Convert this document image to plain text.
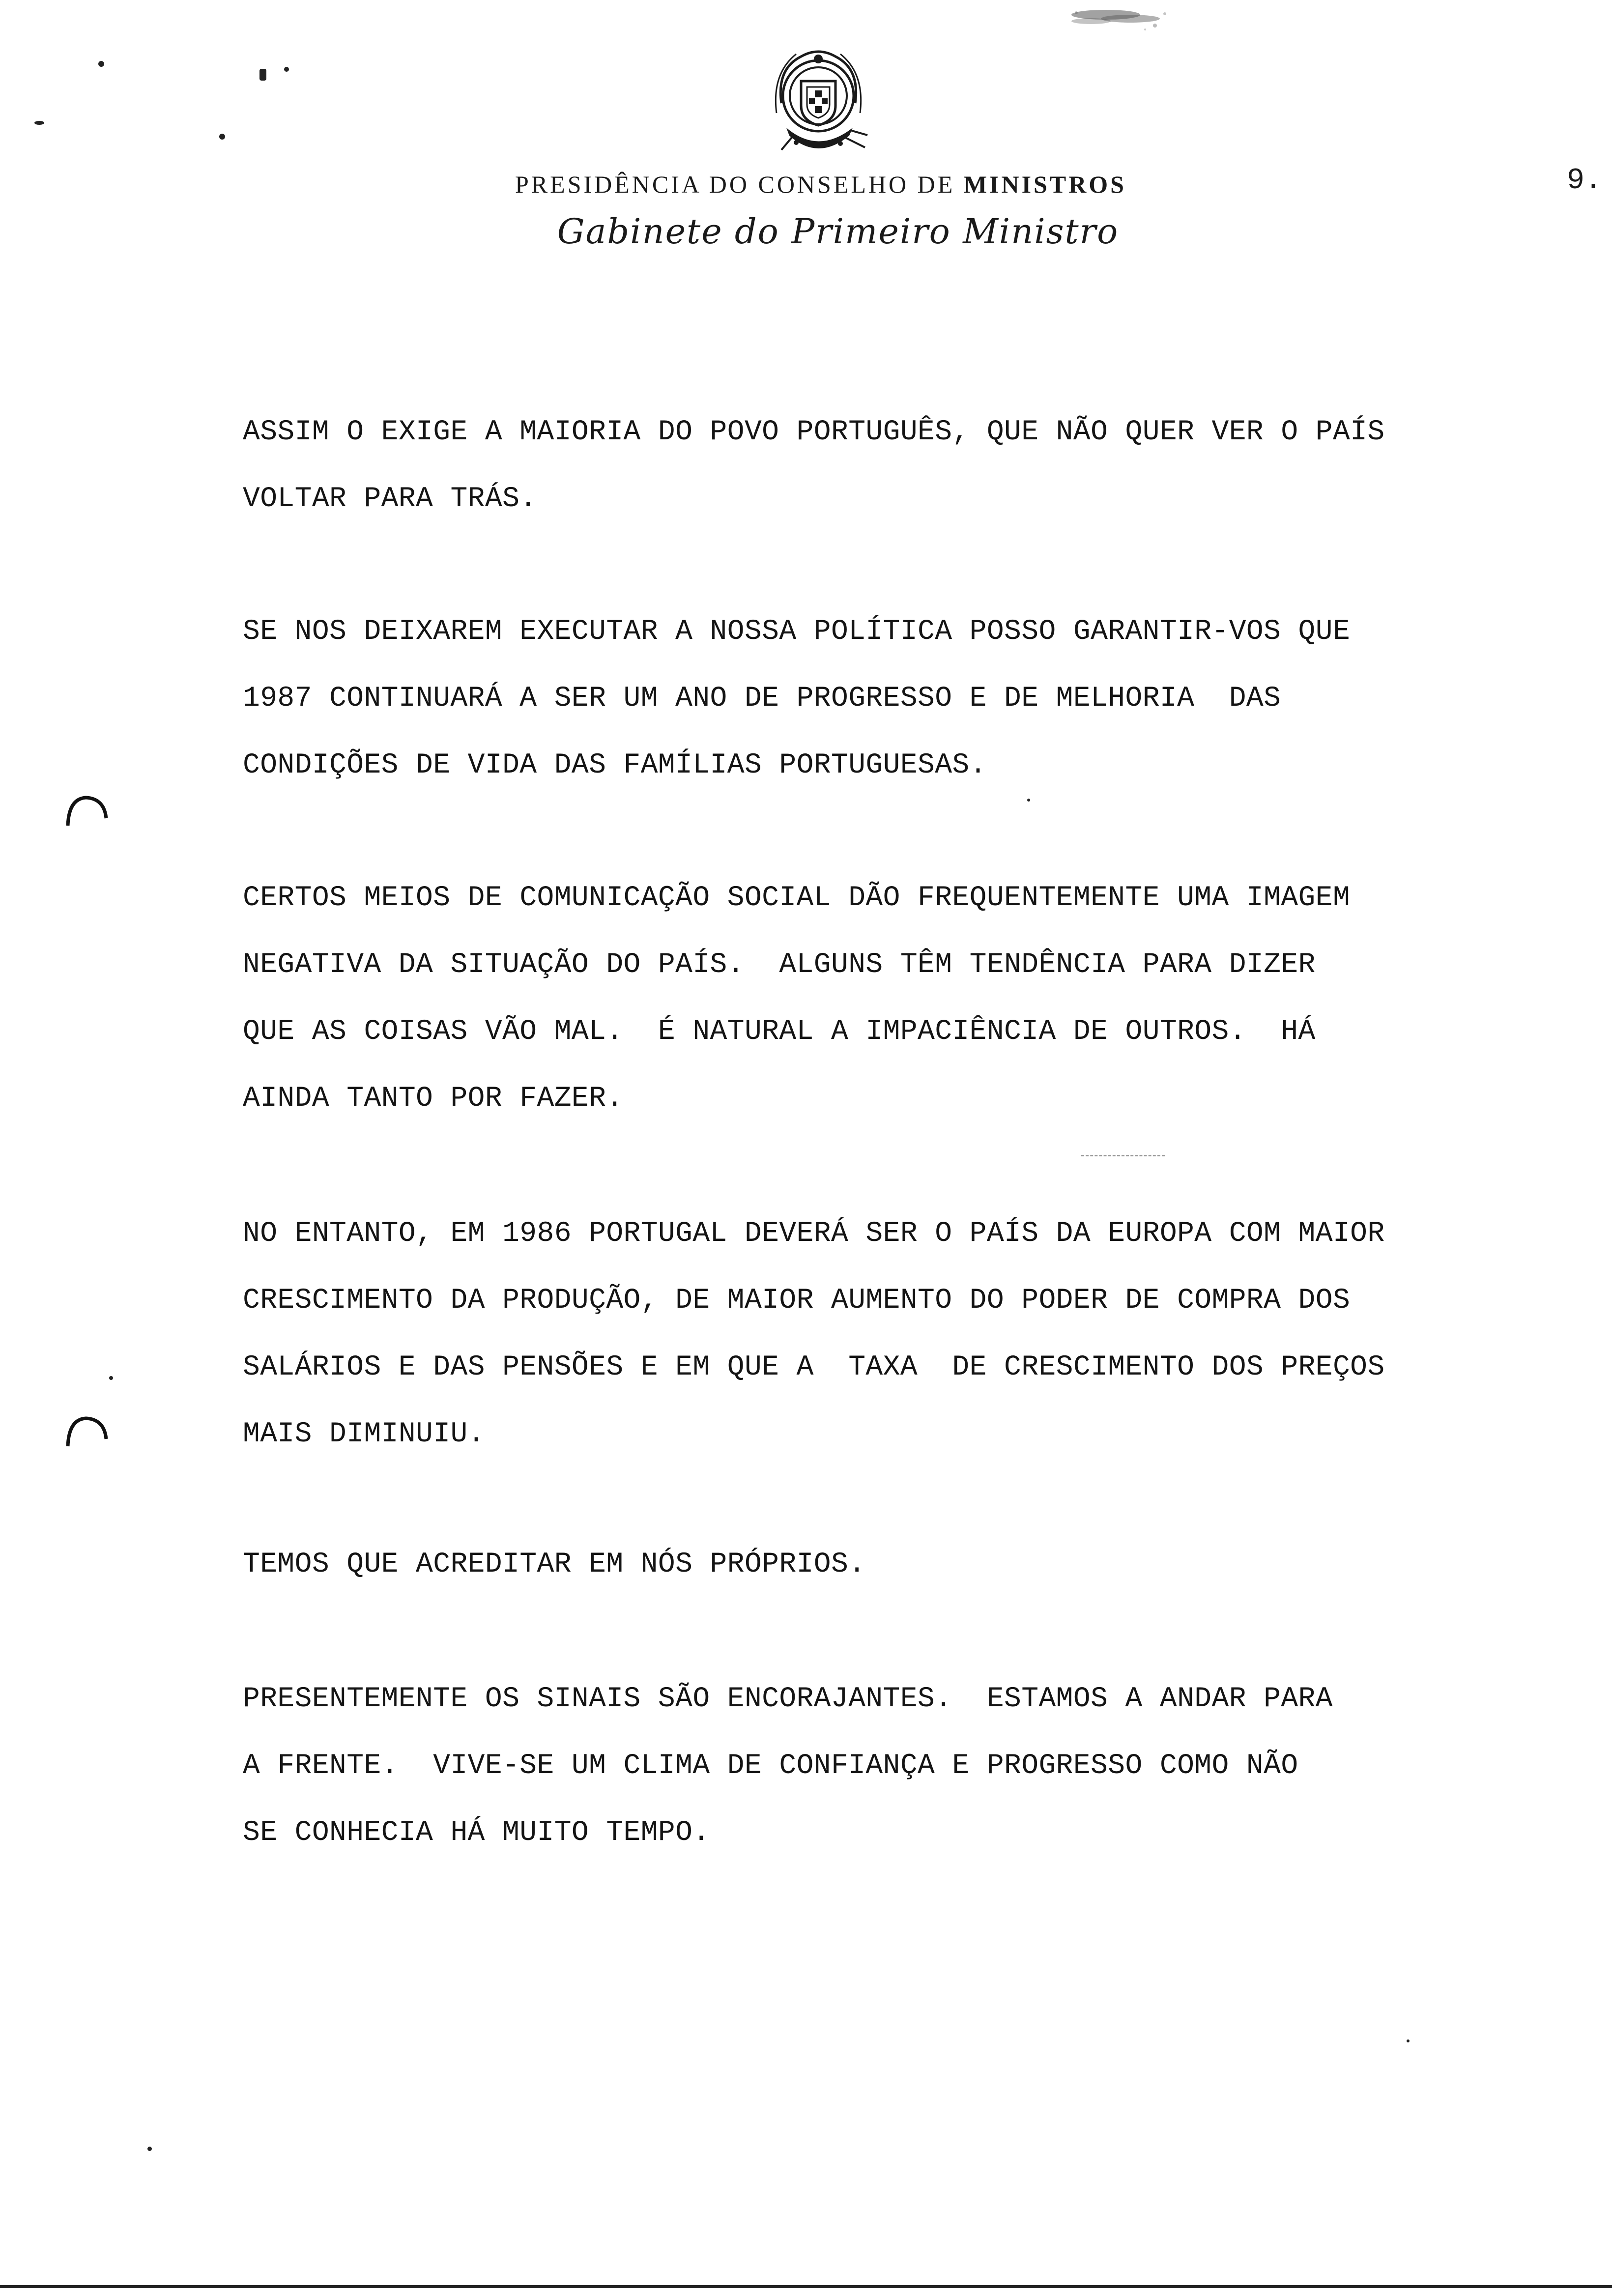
PRESIDÊNCIA DO CONSELHO DE MINISTROS
Gabinete do Primeiro Ministro
9.
ASSIM O EXIGE A MAIORIA DO POVO PORTUGUÊS, QUE NÃO QUER VER O PAÍS
VOLTAR PARA TRÁS.
SE NOS DEIXAREM EXECUTAR A NOSSA POLÍTICA POSSO GARANTIR-VOS QUE
1987 CONTINUARÁ A SER UM ANO DE PROGRESSO E DE MELHORIA  DAS
CONDIÇÕES DE VIDA DAS FAMÍLIAS PORTUGUESAS.
CERTOS MEIOS DE COMUNICAÇÃO SOCIAL DÃO FREQUENTEMENTE UMA IMAGEM
NEGATIVA DA SITUAÇÃO DO PAÍS.  ALGUNS TÊM TENDÊNCIA PARA DIZER
QUE AS COISAS VÃO MAL.  É NATURAL A IMPACIÊNCIA DE OUTROS.  HÁ
AINDA TANTO POR FAZER.
NO ENTANTO, EM 1986 PORTUGAL DEVERÁ SER O PAÍS DA EUROPA COM MAIOR
CRESCIMENTO DA PRODUÇÃO, DE MAIOR AUMENTO DO PODER DE COMPRA DOS
SALÁRIOS E DAS PENSÕES E EM QUE A  TAXA  DE CRESCIMENTO DOS PREÇOS
MAIS DIMINUIU.
TEMOS QUE ACREDITAR EM NÓS PRÓPRIOS.
PRESENTEMENTE OS SINAIS SÃO ENCORAJANTES.  ESTAMOS A ANDAR PARA
A FRENTE.  VIVE-SE UM CLIMA DE CONFIANÇA E PROGRESSO COMO NÃO
SE CONHECIA HÁ MUITO TEMPO.
